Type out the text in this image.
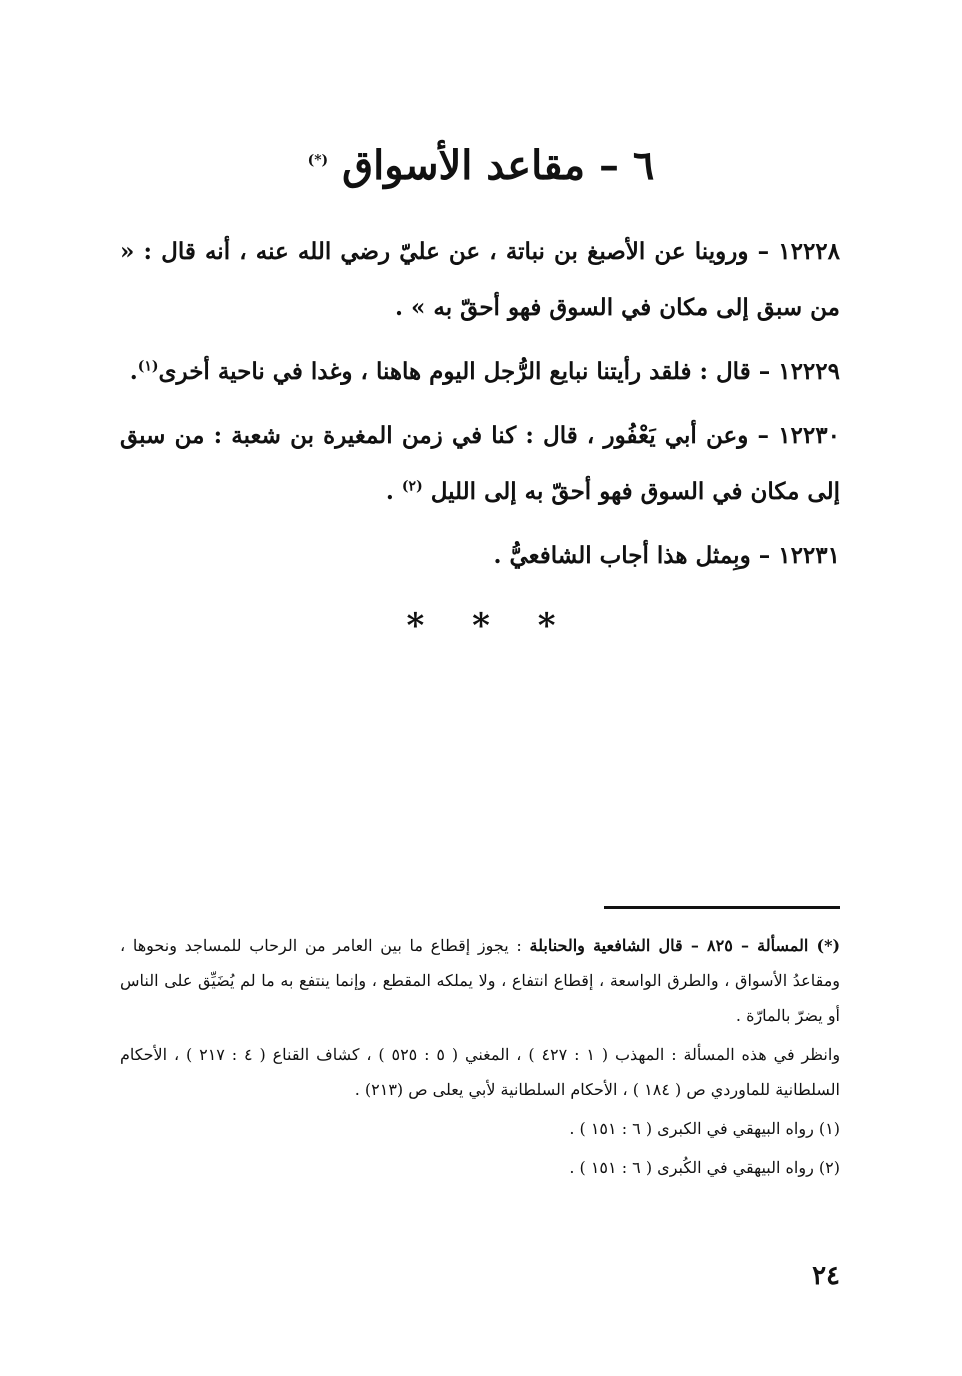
٦ – مقاعد الأسواق (*)

١٢٢٢٨ – وروينا عن الأصبغ بن نباتة ، عن عليّ رضي الله عنه ، أنه قال : « من سبق إلى مكان في السوق فهو أحقّ به » .

١٢٢٢٩ – قال : فلقد رأيتنا نبايع الرُّجل اليوم هاهنا ، وغدا في ناحية أخرى$^{(١)}$.

١٢٢٣٠ – وعن أبي يَعْفُور ، قال : كنا في زمن المغيرة بن شعبة : من سبق إلى مكان في السوق فهو أحقّ به إلى الليل $^{(٢)}$ .

١٢٢٣١ – وبِمثل هذا أجاب الشافعيُّ .

* * *

(*) المسألة – ٨٢٥ – قال الشافعية والحنابلة : يجوز إقطاع ما بين العامر من الرحاب للمساجد ونحوها ، ومقاعدُ الأسواق ، والطرق الواسعة ، إقطاع انتفاع ، ولا يملكه المقطع ، وإنما ينتفع به ما لم يُضَيِّق على الناس أو يضرّ بالمارّة .

وانظر في هذه المسألة : المهذب ( ١ : ٤٢٧ ) ، المغني ( ٥ : ٥٢٥ ) ، كشاف القناع ( ٤ : ٢١٧ ) ، الأحكام السلطانية للماوردي ص ( ١٨٤ ) ، الأحكام السلطانية لأبي يعلى ص (٢١٣) .

(١) رواه البيهقي في الكبرى ( ٦ : ١٥١ ) .

(٢) رواه البيهقي في الكُبرى ( ٦ : ١٥١ ) .

٢٤
